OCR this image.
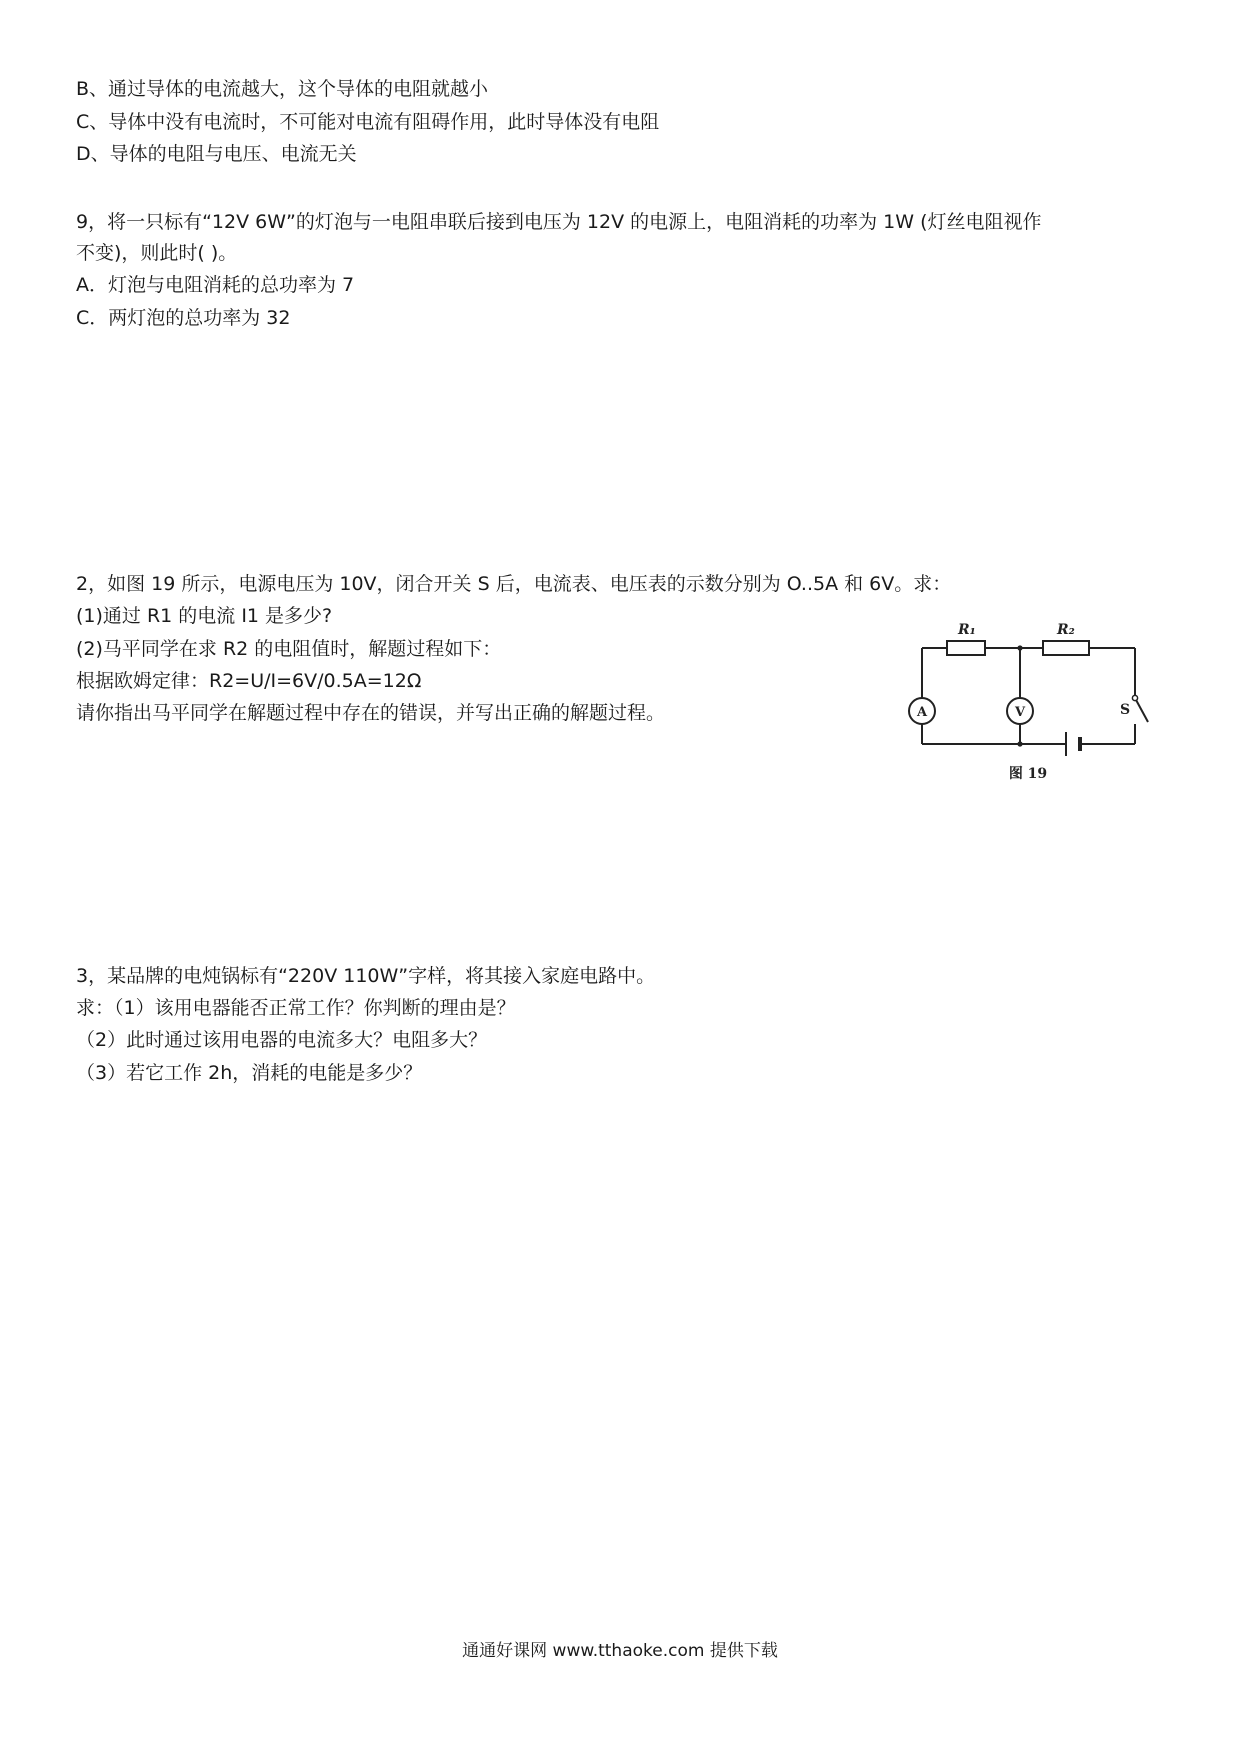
B、通过导体的电流越大，这个导体的电阻就越小
C、导体中没有电流时，不可能对电流有阻碍作用，此时导体没有电阻
D、导体的电阻与电压、电流无关
9，将一只标有“12V 6W”的灯泡与一电阻串联后接到电压为 12V 的电源上，电阻消耗的功率为 1W (灯丝电阻视作
不变)，则此时( )。
A．灯泡与电阻消耗的总功率为 7
C．两灯泡的总功率为 32
2，如图 19 所示，电源电压为 10V，闭合开关 S 后，电流表、电压表的示数分别为 O..5A 和 6V。求：
(1)通过 R1 的电流 I1 是多少?
(2)马平同学在求 R2 的电阻值时，解题过程如下：
根据欧姆定律：R2=U/I=6V/0.5A=12Ω
请你指出马平同学在解题过程中存在的错误，并写出正确的解题过程。
R₁	R₂
A	V	S
图 19
3，某品牌的电炖锅标有“220V 110W”字样，将其接入家庭电路中。
求：（1）该用电器能否正常工作？你判断的理由是？
（2）此时通过该用电器的电流多大？电阻多大？
（3）若它工作 2h，消耗的电能是多少？
通通好课网 www.tthaoke.com 提供下载
